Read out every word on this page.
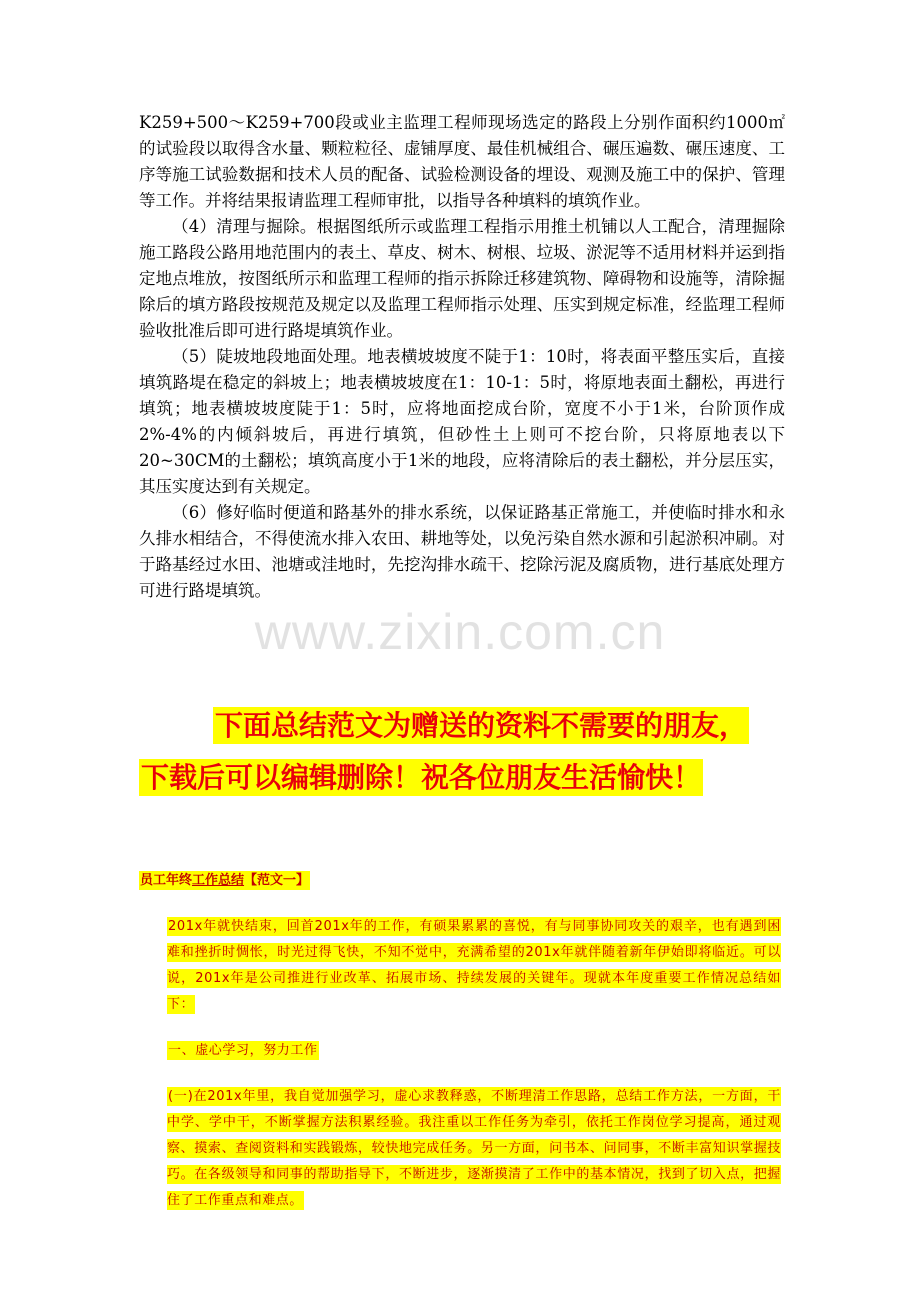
K259+500～K259+700段或业主监理工程师现场选定的路段上分别作面积约1000㎡的试验段以取得含水量、颗粒粒径、虚铺厚度、最佳机械组合、碾压遍数、碾压速度、工序等施工试验数据和技术人员的配备、试验检测设备的埋设、观测及施工中的保护、管理等工作。并将结果报请监理工程师审批，以指导各种填料的填筑作业。

（4）清理与掘除。根据图纸所示或监理工程指示用推土机铺以人工配合，清理掘除施工路段公路用地范围内的表土、草皮、树木、树根、垃圾、淤泥等不适用材料并运到指定地点堆放，按图纸所示和监理工程师的指示拆除迁移建筑物、障碍物和设施等，清除掘除后的填方路段按规范及规定以及监理工程师指示处理、压实到规定标准，经监理工程师验收批准后即可进行路堤填筑作业。

（5）陡坡地段地面处理。地表横坡坡度不陡于1：10时，将表面平整压实后，直接填筑路堤在稳定的斜坡上；地表横坡坡度在1：10-1：5时，将原地表面土翻松，再进行填筑；地表横坡坡度陡于1：5时，应将地面挖成台阶，宽度不小于1米，台阶顶作成2%-4%的内倾斜坡后，再进行填筑，但砂性土上则可不挖台阶，只将原地表以下20~30CM的土翻松；填筑高度小于1米的地段，应将清除后的表土翻松，并分层压实，其压实度达到有关规定。

（6）修好临时便道和路基外的排水系统，以保证路基正常施工，并使临时排水和永久排水相结合，不得使流水排入农田、耕地等处，以免污染自然水源和引起淤积冲刷。对于路基经过水田、池塘或洼地时，先挖沟排水疏干、挖除污泥及腐质物，进行基底处理方可进行路堤填筑。

www.zixin.com.cn
下面总结范文为赠送的资料不需要的朋友，
下载后可以编辑删除！祝各位朋友生活愉快！
员工年终工作总结【范文一】

201x年就快结束，回首201x年的工作，有硕果累累的喜悦，有与同事协同攻关的艰辛，也有遇到困难和挫折时惆怅，时光过得飞快，不知不觉中，充满希望的201x年就伴随着新年伊始即将临近。可以说，201x年是公司推进行业改革、拓展市场、持续发展的关键年。现就本年度重要工作情况总结如下：

一、虚心学习，努力工作

(一)在201x年里，我自觉加强学习，虚心求教释惑，不断理清工作思路，总结工作方法，一方面，干中学、学中干，不断掌握方法积累经验。我注重以工作任务为牵引，依托工作岗位学习提高，通过观察、摸索、查阅资料和实践锻炼，较快地完成任务。另一方面，问书本、问同事，不断丰富知识掌握技巧。在各级领导和同事的帮助指导下，不断进步，逐渐摸清了工作中的基本情况，找到了切入点，把握住了工作重点和难点。
